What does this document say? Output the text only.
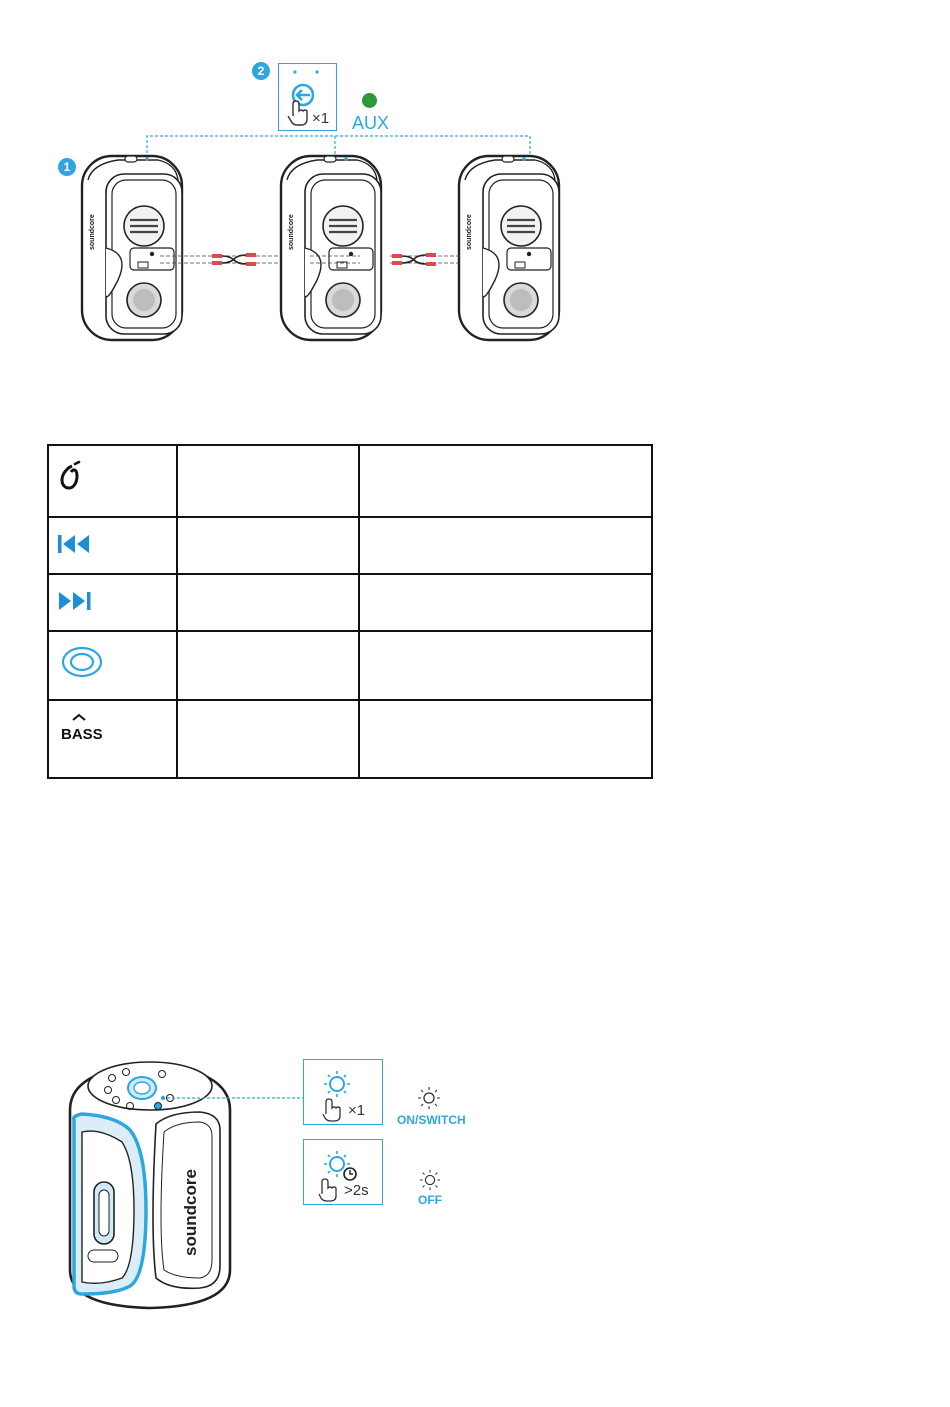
2
×1 AUX
1
soundcore	soundcore	soundcore

BASS		

soundcore
×1
>2s
ON/SWITCH
OFF
